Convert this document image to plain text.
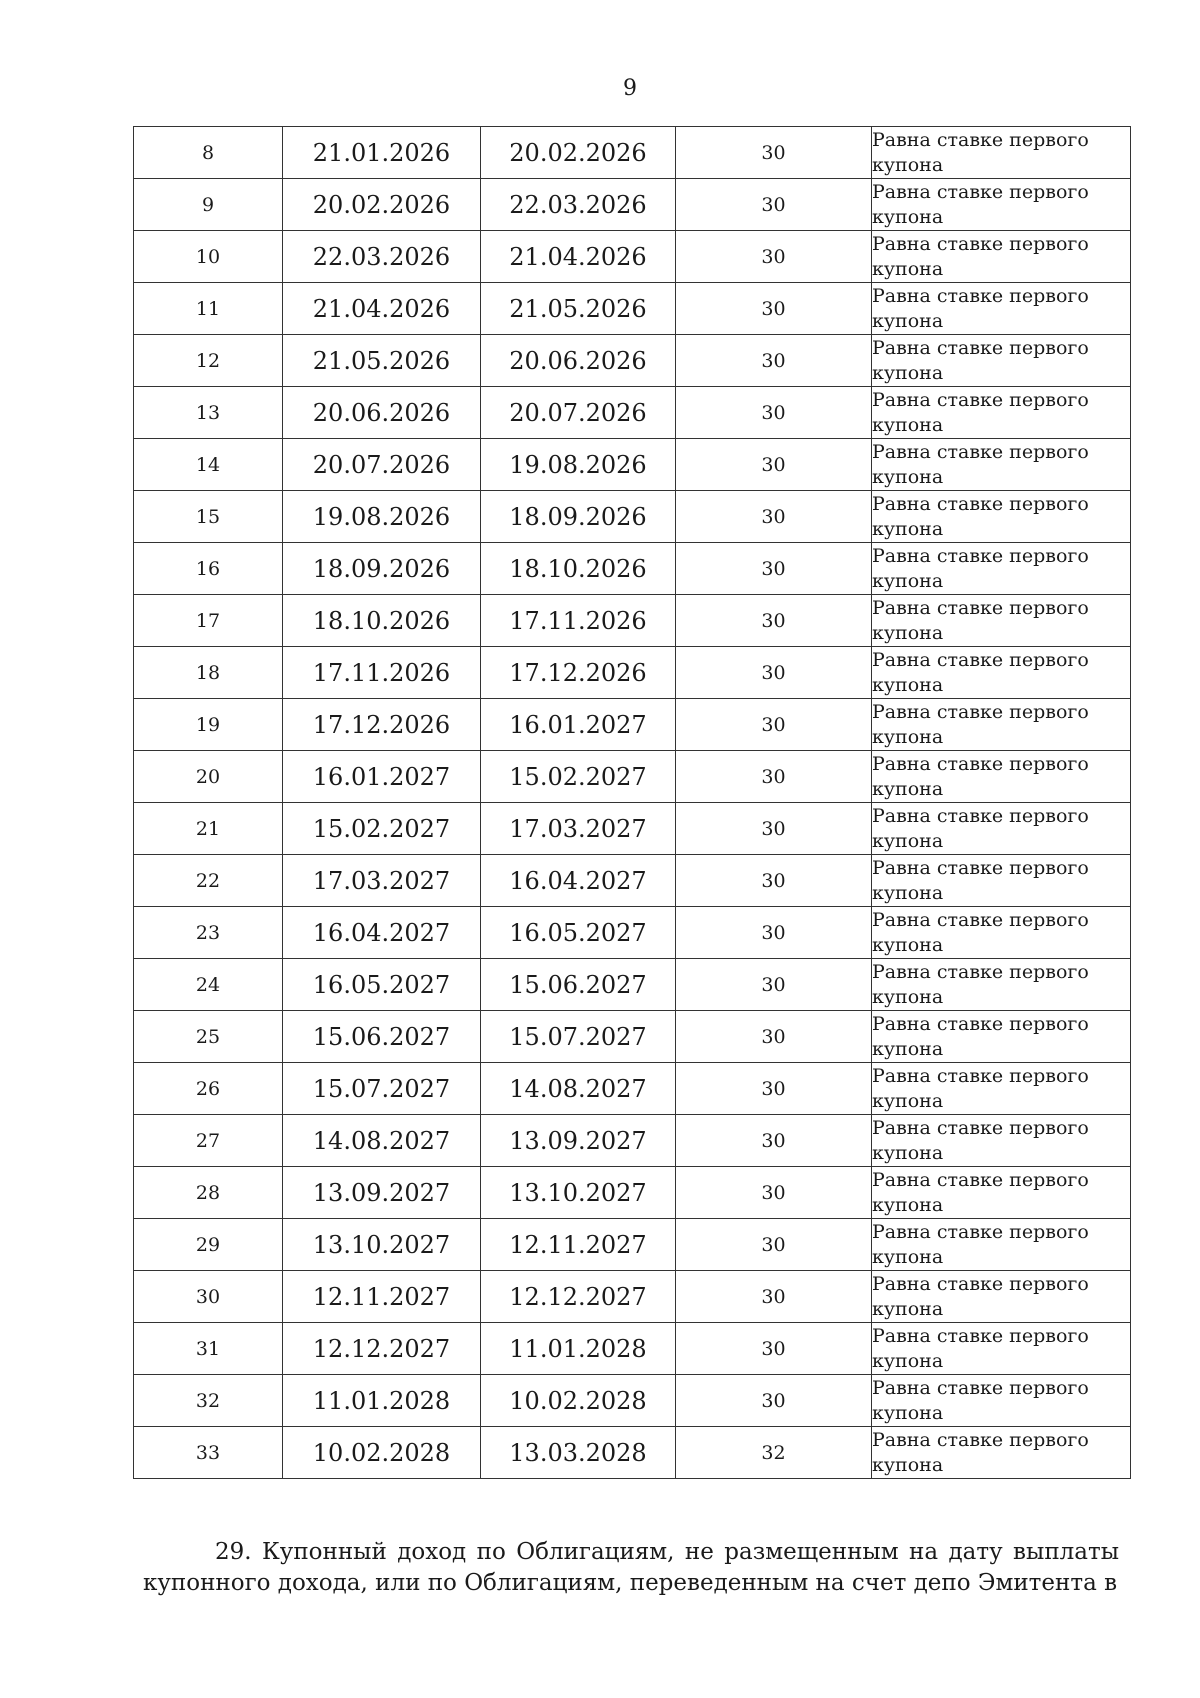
9
8	21.01.2026	20.02.2026	30	Равна ставке первого
купона

9	20.02.2026	22.03.2026	30	Равна ставке первого
купона

10	22.03.2026	21.04.2026	30	Равна ставке первого
купона

11	21.04.2026	21.05.2026	30	Равна ставке первого
купона

12	21.05.2026	20.06.2026	30	Равна ставке первого
купона

13	20.06.2026	20.07.2026	30	Равна ставке первого
купона

14	20.07.2026	19.08.2026	30	Равна ставке первого
купона

15	19.08.2026	18.09.2026	30	Равна ставке первого
купона

16	18.09.2026	18.10.2026	30	Равна ставке первого
купона

17	18.10.2026	17.11.2026	30	Равна ставке первого
купона

18	17.11.2026	17.12.2026	30	Равна ставке первого
купона

19	17.12.2026	16.01.2027	30	Равна ставке первого
купона

20	16.01.2027	15.02.2027	30	Равна ставке первого
купона

21	15.02.2027	17.03.2027	30	Равна ставке первого
купона

22	17.03.2027	16.04.2027	30	Равна ставке первого
купона

23	16.04.2027	16.05.2027	30	Равна ставке первого
купона

24	16.05.2027	15.06.2027	30	Равна ставке первого
купона

25	15.06.2027	15.07.2027	30	Равна ставке первого
купона

26	15.07.2027	14.08.2027	30	Равна ставке первого
купона

27	14.08.2027	13.09.2027	30	Равна ставке первого
купона

28	13.09.2027	13.10.2027	30	Равна ставке первого
купона

29	13.10.2027	12.11.2027	30	Равна ставке первого
купона

30	12.11.2027	12.12.2027	30	Равна ставке первого
купона

31	12.12.2027	11.01.2028	30	Равна ставке первого
купона

32	11.01.2028	10.02.2028	30	Равна ставке первого
купона

33	10.02.2028	13.03.2028	32	Равна ставке первого
купона

29. Купонный доход по Облигациям, не размещенным на дату выплаты купонного дохода, или по Облигациям, переведенным на счет депо Эмитента в
